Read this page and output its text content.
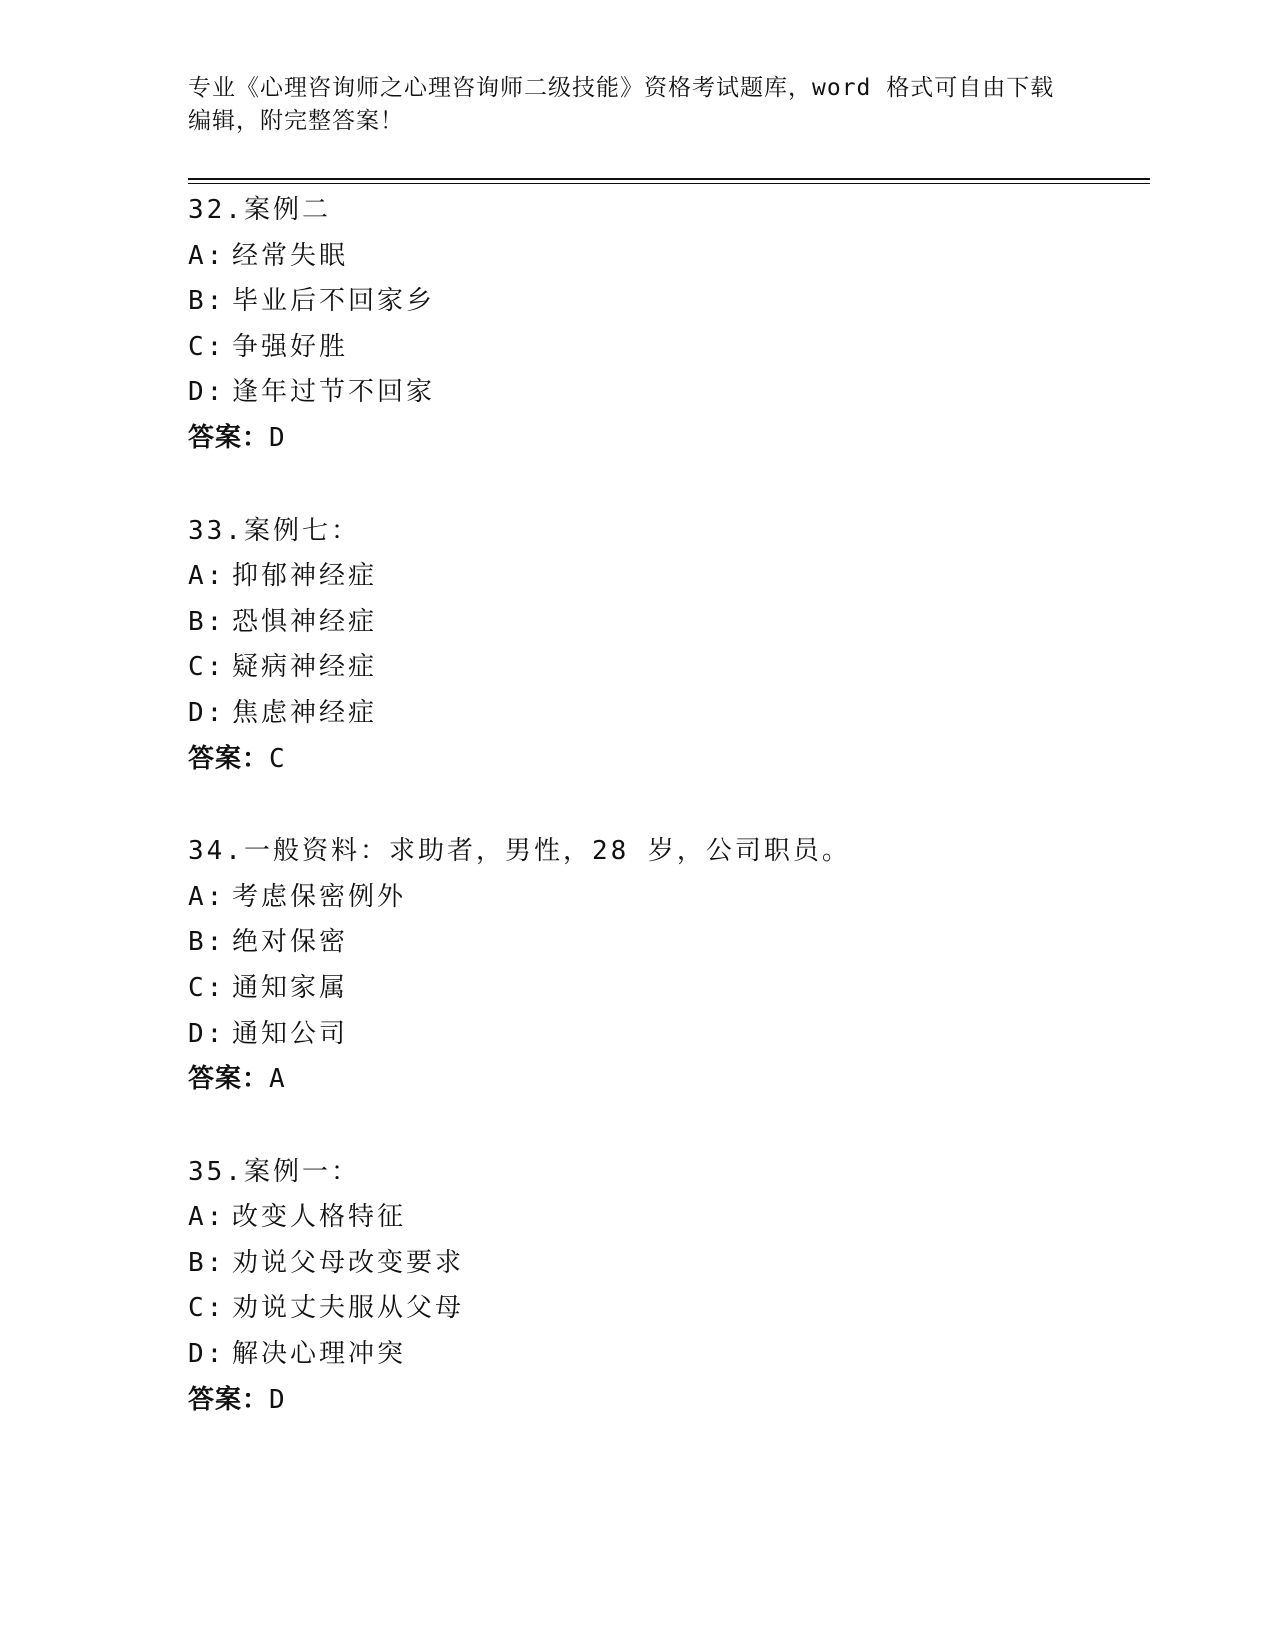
专业《心理咨询师之心理咨询师二级技能》资格考试题库，word 格式可自由下载
编辑，附完整答案！
32.案例二
A: 经常失眠
B: 毕业后不回家乡
C: 争强好胜
D: 逢年过节不回家
答案：D
33.案例七：
A: 抑郁神经症
B: 恐惧神经症
C: 疑病神经症
D: 焦虑神经症
答案：C
34.一般资料：求助者，男性，28 岁，公司职员。
A: 考虑保密例外
B: 绝对保密
C: 通知家属
D: 通知公司
答案：A
35.案例一：
A: 改变人格特征
B: 劝说父母改变要求
C: 劝说丈夫服从父母
D: 解决心理冲突
答案：D
